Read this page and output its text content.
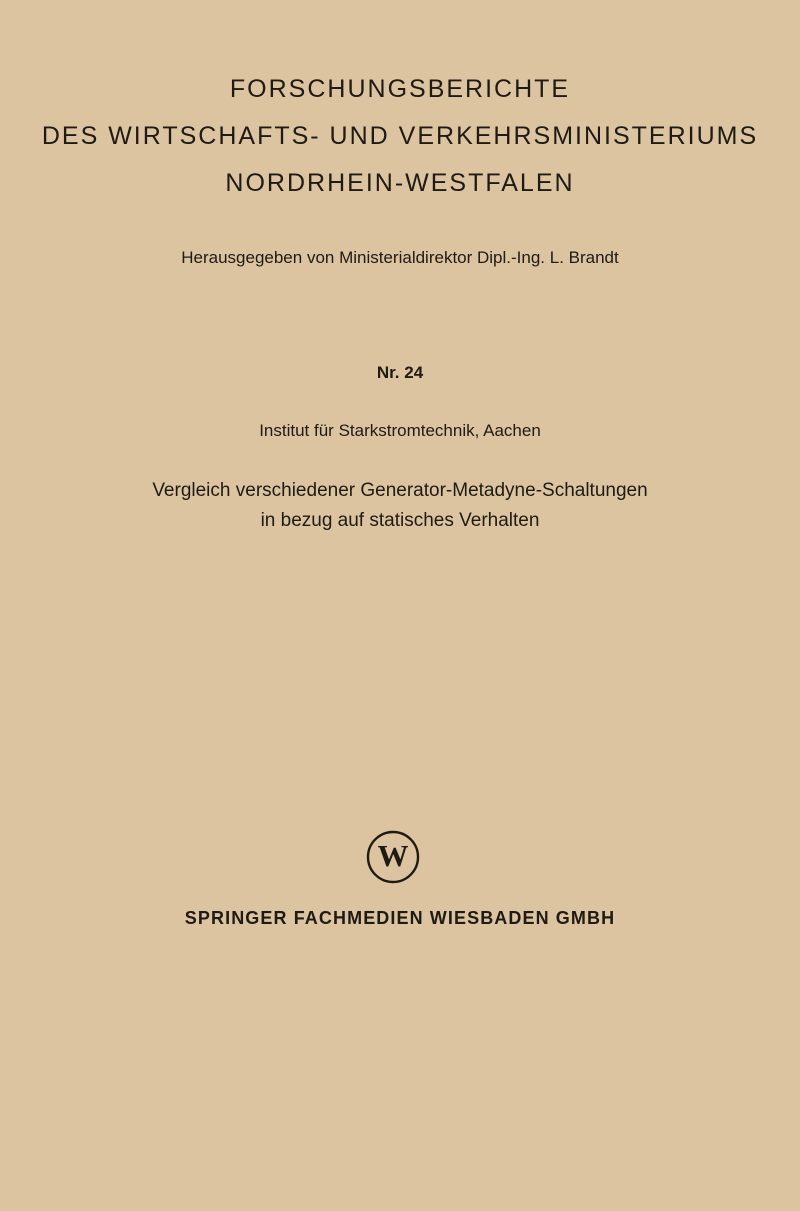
FORSCHUNGSBERICHTE
DES WIRTSCHAFTS- UND VERKEHRSMINISTERIUMS
NORDRHEIN-WESTFALEN
Herausgegeben von Ministerialdirektor Dipl.-Ing. L. Brandt
Nr. 24
Institut für Starkstromtechnik, Aachen
Vergleich verschiedener Generator-Metadyne-Schaltungen
in bezug auf statisches Verhalten
W
SPRINGER FACHMEDIEN WIESBADEN GMBH
